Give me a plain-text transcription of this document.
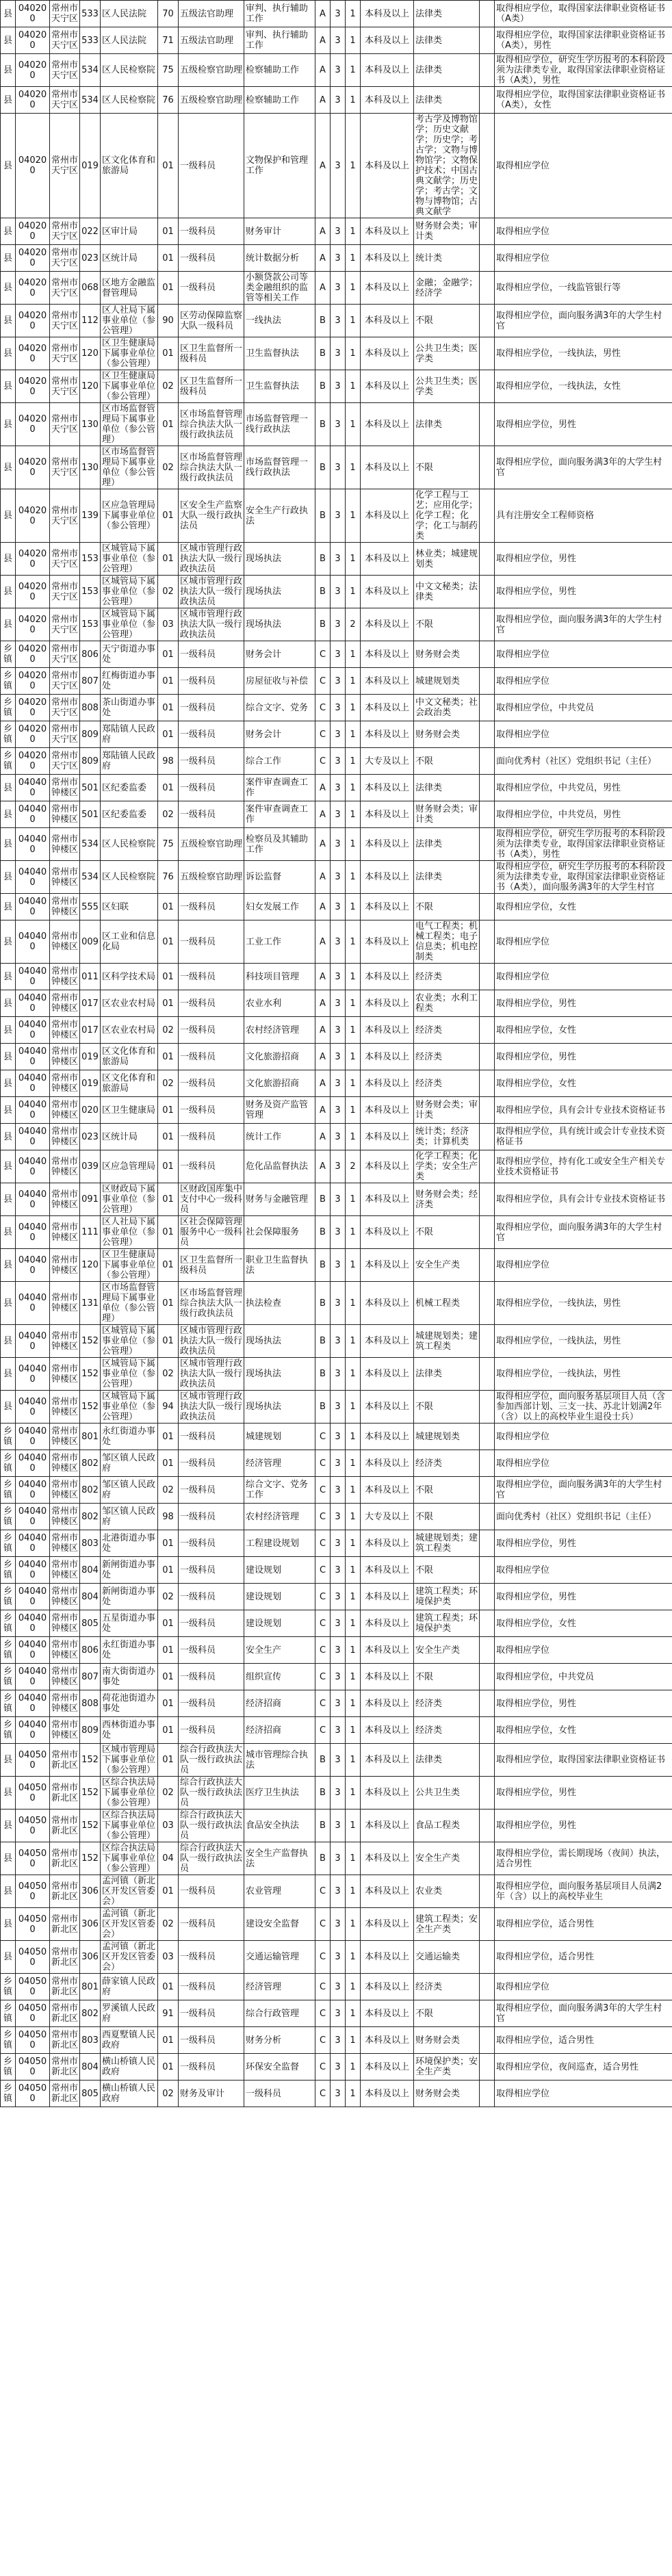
县	040200	常州市天宁区	533	区人民法院	70	五级法官助理	审判、执行辅助工作	A	3	1	本科及以上	法律类		取得相应学位，取得国家法律职业资格证书（A类）
县	040200	常州市天宁区	533	区人民法院	71	五级法官助理	审判、执行辅助工作	A	3	1	本科及以上	法律类		取得相应学位，取得国家法律职业资格证书（A类），男性
县	040200	常州市天宁区	534	区人民检察院	75	五级检察官助理	检察辅助工作	A	3	1	本科及以上	法律类		取得相应学位，研究生学历报考的本科阶段须为法律类专业，取得国家法律职业资格证书（A类），男性
县	040200	常州市天宁区	534	区人民检察院	76	五级检察官助理	检察辅助工作	A	3	1	本科及以上	法律类		取得相应学位，取得国家法律职业资格证书（A类），女性
县	040200	常州市天宁区	019	区文化体育和旅游局	01	一级科员	文物保护和管理工作	A	3	1	本科及以上	考古学及博物馆学；历史文献学；历史学；考古学；文物与博物馆学；文物保护技术；中国古典文献学；历史学；考古学；文物与博物馆；古典文献学		取得相应学位
县	040200	常州市天宁区	022	区审计局	01	一级科员	财务审计	A	3	1	本科及以上	财务财会类；审计类		取得相应学位
县	040200	常州市天宁区	023	区统计局	01	一级科员	统计数据分析	A	3	1	本科及以上	统计类		取得相应学位
县	040200	常州市天宁区	068	区地方金融监督管理局	01	一级科员	小额贷款公司等类金融组织的监管等相关工作	A	3	1	本科及以上	金融；金融学；经济学		取得相应学位，一线监管银行等
县	040200	常州市天宁区	112	区人社局下属事业单位（参公管理）	90	区劳动保障监察大队一级科员	一线执法	B	3	1	本科及以上	不限		取得相应学位，面向服务满3年的大学生村官
县	040200	常州市天宁区	120	区卫生健康局下属事业单位（参公管理）	01	区卫生监督所一级科员	卫生监督执法	B	3	1	本科及以上	公共卫生类；医学类		取得相应学位，一线执法，男性
县	040200	常州市天宁区	120	区卫生健康局下属事业单位（参公管理）	02	区卫生监督所一级科员	卫生监督执法	B	3	1	本科及以上	公共卫生类；医学类		取得相应学位，一线执法，女性
县	040200	常州市天宁区	130	区市场监督管理局下属事业单位（参公管理）	01	区市场监督管理综合执法大队一级行政执法员	市场监督管理一线行政执法	B	3	1	本科及以上	法律类		取得相应学位，男性
县	040200	常州市天宁区	130	区市场监督管理局下属事业单位（参公管理）	02	区市场监督管理综合执法大队一级行政执法员	市场监督管理一线行政执法	B	3	1	本科及以上	不限		取得相应学位，面向服务满3年的大学生村官
县	040200	常州市天宁区	139	区应急管理局下属事业单位（参公管理）	01	区安全生产监察大队一级行政执法员	安全生产行政执法	B	3	1	本科及以上	化学工程与工艺；应用化学；化学工程；化学；化工与制药类		具有注册安全工程师资格
县	040200	常州市天宁区	153	区城管局下属事业单位（参公管理）	01	区城市管理行政执法大队一级行政执法员	现场执法	B	3	1	本科及以上	林业类；城建规划类		取得相应学位，男性
县	040200	常州市天宁区	153	区城管局下属事业单位（参公管理）	02	区城市管理行政执法大队一级行政执法员	现场执法	B	3	1	本科及以上	中文文秘类；法律类		取得相应学位，男性
县	040200	常州市天宁区	153	区城管局下属事业单位（参公管理）	03	区城市管理行政执法大队一级行政执法员	现场执法	B	3	2	本科及以上	不限		取得相应学位，面向服务满3年的大学生村官
乡镇	040200	常州市天宁区	806	天宁街道办事处	01	一级科员	财务会计	C	3	1	本科及以上	财务财会类		取得相应学位
乡镇	040200	常州市天宁区	807	红梅街道办事处	01	一级科员	房屋征收与补偿	C	3	1	本科及以上	城建规划类		取得相应学位
乡镇	040200	常州市天宁区	808	茶山街道办事处	01	一级科员	综合文字、党务	C	3	1	本科及以上	中文文秘类；社会政治类		取得相应学位，中共党员
乡镇	040200	常州市天宁区	809	郑陆镇人民政府	01	一级科员	财务会计	C	3	1	本科及以上	财务财会类		取得相应学位
乡镇	040200	常州市天宁区	809	郑陆镇人民政府	98	一级科员	综合工作	C	3	1	大专及以上	不限		面向优秀村（社区）党组织书记（主任）
县	040400	常州市钟楼区	501	区纪委监委	01	一级科员	案件审查调查工作	A	3	1	本科及以上	法律类		取得相应学位，中共党员，男性
县	040400	常州市钟楼区	501	区纪委监委	02	一级科员	案件审查调查工作	A	3	1	本科及以上	财务财会类；审计类		取得相应学位，中共党员，男性
县	040400	常州市钟楼区	534	区人民检察院	75	五级检察官助理	检察员及其辅助工作	A	3	1	本科及以上	法律类		取得相应学位，研究生学历报考的本科阶段须为法律类专业，取得国家法律职业资格证书（A类），男性
县	040400	常州市钟楼区	534	区人民检察院	76	五级检察官助理	诉讼监督	A	3	1	本科及以上	法律类		取得相应学位，研究生学历报考的本科阶段须为法律类专业，取得国家法律职业资格证书（A类），面向服务满3年的大学生村官
县	040400	常州市钟楼区	555	区妇联	01	一级科员	妇女发展工作	A	3	1	本科及以上	不限		取得相应学位，女性
县	040400	常州市钟楼区	009	区工业和信息化局	01	一级科员	工业工作	A	3	1	本科及以上	电气工程类；机械工程类；电子信息类；机电控制类		取得相应学位
县	040400	常州市钟楼区	011	区科学技术局	01	一级科员	科技项目管理	A	3	1	本科及以上	经济类		取得相应学位
县	040400	常州市钟楼区	017	区农业农村局	01	一级科员	农业水利	A	3	1	本科及以上	农业类；水利工程类		取得相应学位，男性
县	040400	常州市钟楼区	017	区农业农村局	02	一级科员	农村经济管理	A	3	1	本科及以上	经济类		取得相应学位，女性
县	040400	常州市钟楼区	019	区文化体育和旅游局	01	一级科员	文化旅游招商	A	3	1	本科及以上	经济类		取得相应学位，男性
县	040400	常州市钟楼区	019	区文化体育和旅游局	02	一级科员	文化旅游招商	A	3	1	本科及以上	经济类		取得相应学位，女性
县	040400	常州市钟楼区	020	区卫生健康局	01	一级科员	财务及资产监管管理	A	3	1	本科及以上	财务财会类；审计类		取得相应学位，具有会计专业技术资格证书
县	040400	常州市钟楼区	023	区统计局	01	一级科员	统计工作	A	3	1	本科及以上	统计类；经济类；计算机类		取得相应学位，具有统计或会计专业技术资格证书
县	040400	常州市钟楼区	039	区应急管理局	01	一级科员	危化品监督执法	A	3	2	本科及以上	化学工程类；化学类；安全生产类		取得相应学位，持有化工或安全生产相关专业技术资格证书
县	040400	常州市钟楼区	091	区财政局下属事业单位（参公管理）	01	区财政国库集中支付中心一级科员	财务与金融管理	B	3	1	本科及以上	财务财会类；经济类		取得相应学位，具有会计专业技术资格证书
县	040400	常州市钟楼区	111	区人社局下属事业单位（参公管理）	01	区社会保障管理服务中心一级科员	社会保障服务	B	3	1	本科及以上	不限		取得相应学位，面向服务满3年的大学生村官
县	040400	常州市钟楼区	120	区卫生健康局下属事业单位（参公管理）	01	区卫生监督所一级科员	职业卫生监督执法	B	3	1	本科及以上	安全生产类		取得相应学位
县	040400	常州市钟楼区	131	区市场监督管理局下属事业单位（参公管理）	01	区市场监督管理综合执法大队一级行政执法员	执法检查	B	3	1	本科及以上	机械工程类		取得相应学位，一线执法，男性
县	040400	常州市钟楼区	152	区城管局下属事业单位（参公管理）	01	区城市管理行政执法大队一级行政执法员	现场执法	B	3	1	本科及以上	城建规划类；建筑工程类		取得相应学位，一线执法，男性
县	040400	常州市钟楼区	152	区城管局下属事业单位（参公管理）	02	区城市管理行政执法大队一级行政执法员	现场执法	B	3	1	本科及以上	法律类		取得相应学位，一线执法，男性
县	040400	常州市钟楼区	152	区城管局下属事业单位（参公管理）	94	区城市管理行政执法大队一级行政执法员	现场执法	B	3	1	本科及以上	不限		取得相应学位，面向服务基层项目人员（含参加西部计划、三支一扶、苏北计划满2年（含）以上的高校毕业生退役士兵）
乡镇	040400	常州市钟楼区	801	永红街道办事处	01	一级科员	城建规划	C	3	1	本科及以上	城建规划类		取得相应学位
乡镇	040400	常州市钟楼区	802	邹区镇人民政府	01	一级科员	经济管理	C	3	1	本科及以上	经济类		取得相应学位
乡镇	040400	常州市钟楼区	802	邹区镇人民政府	02	一级科员	综合文字、党务工作	C	3	1	本科及以上	不限		取得相应学位，面向服务满3年的大学生村官
乡镇	040400	常州市钟楼区	802	邹区镇人民政府	98	一级科员	农村经济管理	C	3	1	大专及以上	不限		面向优秀村（社区）党组织书记（主任）
乡镇	040400	常州市钟楼区	803	北港街道办事处	01	一级科员	工程建设规划	C	3	1	本科及以上	城建规划类；建筑工程类		取得相应学位，男性
乡镇	040400	常州市钟楼区	804	新闸街道办事处	01	一级科员	建设规划	C	3	1	本科及以上	不限		取得相应学位
乡镇	040400	常州市钟楼区	804	新闸街道办事处	02	一级科员	建设规划	C	3	1	本科及以上	建筑工程类；环境保护类		取得相应学位，男性
乡镇	040400	常州市钟楼区	805	五星街道办事处	01	一级科员	建设规划	C	3	1	本科及以上	建筑工程类；环境保护类		取得相应学位，女性
乡镇	040400	常州市钟楼区	806	永红街道办事处	01	一级科员	安全生产	C	3	1	本科及以上	安全生产类		取得相应学位
乡镇	040400	常州市钟楼区	807	南大街街道办事处	01	一级科员	组织宣传	C	3	1	本科及以上	不限		取得相应学位，中共党员
乡镇	040400	常州市钟楼区	808	荷花池街道办事处	01	一级科员	经济招商	C	3	1	本科及以上	经济类		取得相应学位，男性
乡镇	040400	常州市钟楼区	809	西林街道办事处	01	一级科员	经济招商	C	3	1	本科及以上	经济类		取得相应学位，女性
县	040500	常州市新北区	152	区城市管理局下属事业单位（参公管理）	01	综合行政执法大队一级行政执法员	城市管理综合执法	B	3	1	本科及以上	法律类		取得相应学位，取得国家法律职业资格证书
县	040500	常州市新北区	152	区综合执法局下属事业单位（参公管理）	02	综合行政执法大队一级行政执法员	医疗卫生执法	B	3	1	本科及以上	公共卫生类		取得相应学位，男性
县	040500	常州市新北区	152	区综合执法局下属事业单位（参公管理）	03	综合行政执法大队一级行政执法员	食品安全执法	B	3	1	本科及以上	食品工程类		取得相应学位，男性
县	040500	常州市新北区	152	区综合执法局下属事业单位（参公管理）	04	综合行政执法大队一级行政执法员	安全生产监督执法	B	3	1	本科及以上	安全生产类		取得相应学位，需长期现场（夜间）执法，适合男性
县	040500	常州市新北区	306	孟河镇（新北区开发区管委会）	01	一级科员	农业管理	C	3	1	本科及以上	农业类		取得相应学位，面向服务基层项目人员满2年（含）以上的高校毕业生
县	040500	常州市新北区	306	孟河镇（新北区开发区管委会）	02	一级科员	建设安全监督	C	3	1	本科及以上	建筑工程类；安全生产类		取得相应学位，适合男性
县	040500	常州市新北区	306	孟河镇（新北区开发区管委会）	03	一级科员	交通运输管理	C	3	1	本科及以上	交通运输类		取得相应学位，适合男性
乡镇	040500	常州市新北区	801	薛家镇人民政府	01	一级科员	经济管理	C	3	1	本科及以上	经济类		取得相应学位
乡镇	040500	常州市新北区	802	罗溪镇人民政府	91	一级科员	综合行政管理	C	3	1	本科及以上	不限		取得相应学位，面向服务满3年的大学生村官
乡镇	040500	常州市新北区	803	西夏墅镇人民政府	01	一级科员	财务分析	C	3	1	本科及以上	财务财会类		取得相应学位，适合男性
乡镇	040500	常州市新北区	804	横山桥镇人民政府	01	一级科员	环保安全监督	C	3	1	本科及以上	环境保护类；安全生产类		取得相应学位，夜间巡查，适合男性
乡镇	040500	常州市新北区	805	横山桥镇人民政府	02	财务及审计	一级科员	C	3	1	本科及以上	财务财会类		取得相应学位
